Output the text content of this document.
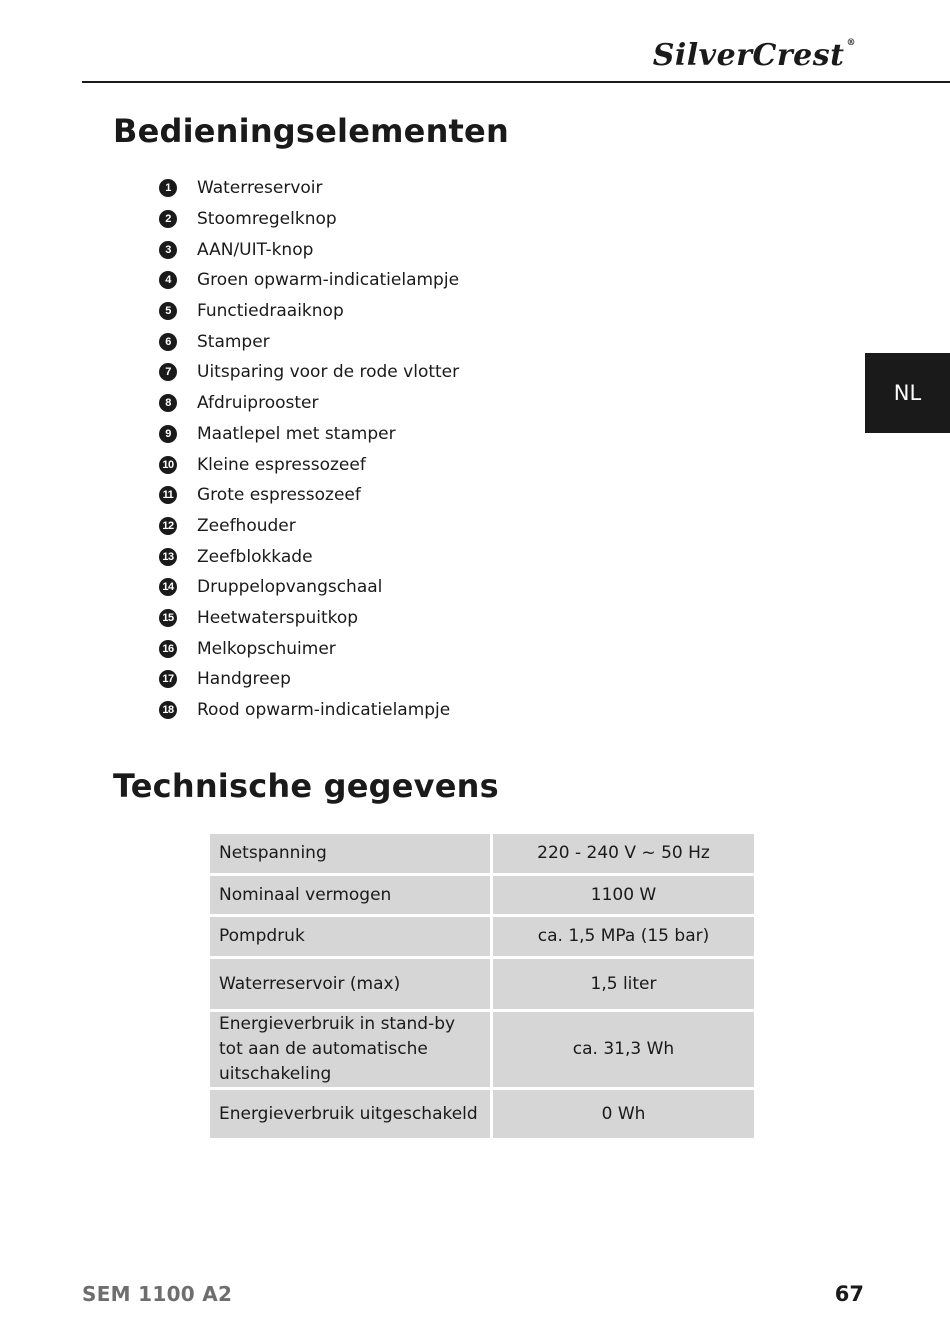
SilverCrest ®
NL
Bedieningselementen
1	Waterreservoir
2	Stoomregelknop
3	AAN/UIT-knop
4	Groen opwarm-indicatielampje
5	Functiedraaiknop
6	Stamper
7	Uitsparing voor de rode vlotter
8	Afdruiprooster
9	Maatlepel met stamper
10 Kleine espressozeef
11 Grote espressozeef
12 Zeefhouder
13 Zeefblokkade
14 Druppelopvangschaal
15 Heetwaterspuitkop
16 Melkopschuimer
17 Handgreep
18 Rood opwarm-indicatielampje
Technische gegevens
Netspanning	220 - 240 V ~ 50 Hz
Nominaal vermogen	1100 W
Pompdruk	ca. 1,5 MPa (15 bar)
Waterreservoir (max)	1,5 liter
Energieverbruik in stand-by tot aan de automatische uitschakeling	ca. 31,3 Wh
Energieverbruik uitgeschakeld	0 Wh
SEM 1100 A2	67
